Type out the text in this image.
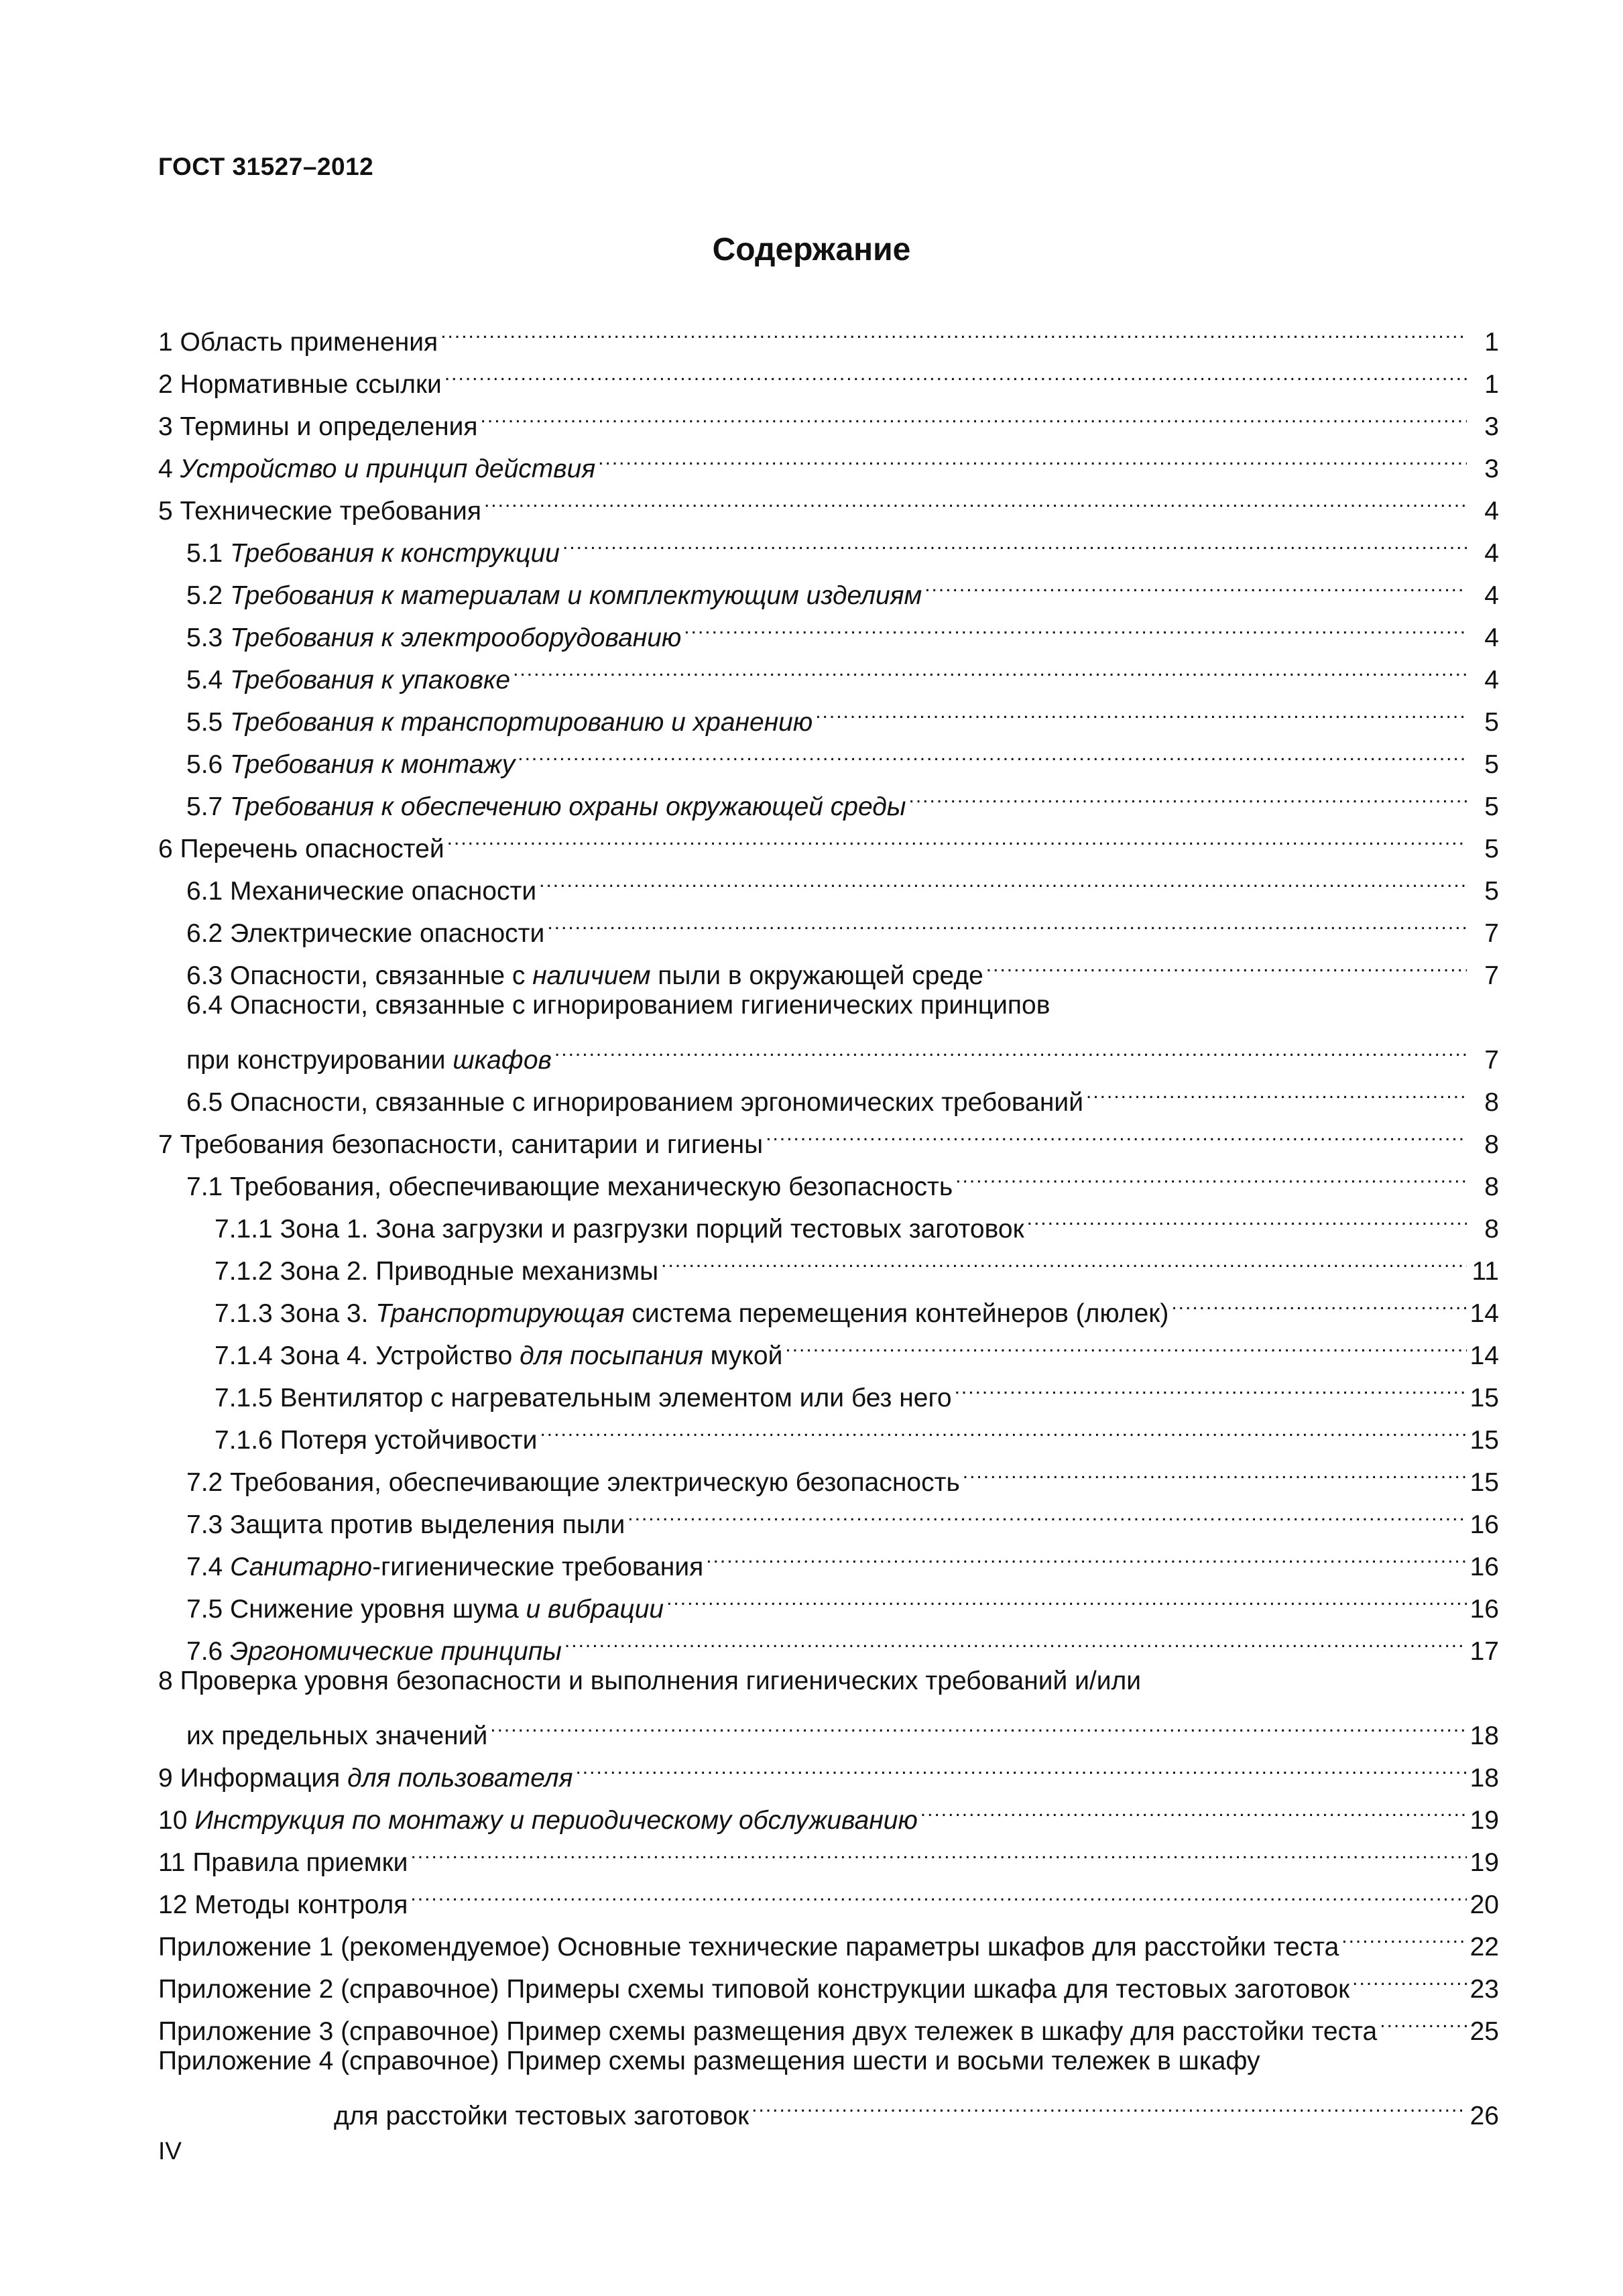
ГОСТ 31527–2012
Содержание
1 Область применения .....	1
2 Нормативные ссылки .....	1
3 Термины и определения .....	3
4 Устройство и принцип действия .....	3
5 Технические требования .....	4
5.1 Требования к конструкции .....	4
5.2 Требования к материалам и комплектующим изделиям .....	4
5.3 Требования к электрооборудованию .....	4
5.4 Требования к упаковке .....	4
5.5 Требования к транспортированию и хранению .....	5
5.6 Требования к монтажу .....	5
5.7 Требования к обеспечению охраны окружающей среды .....	5
6 Перечень опасностей .....	5
6.1 Механические опасности .....	5
6.2 Электрические опасности .....	7
6.3 Опасности, связанные с наличием пыли в окружающей среде .....	7
6.4 Опасности, связанные с игнорированием гигиенических принципов
при конструировании шкафов .....	7
6.5 Опасности, связанные с игнорированием эргономических требований .....	8
7 Требования безопасности, санитарии и гигиены .....	8
7.1 Требования, обеспечивающие механическую безопасность .....	8
7.1.1 Зона 1. Зона загрузки и разгрузки порций тестовых заготовок .....	8
7.1.2 Зона 2. Приводные механизмы .....	11
7.1.3 Зона 3. Транспортирующая система перемещения контейнеров (люлек) .....	14
7.1.4 Зона 4. Устройство для посыпания мукой .....	14
7.1.5 Вентилятор с нагревательным элементом или без него .....	15
7.1.6 Потеря устойчивости .....	15
7.2 Требования, обеспечивающие электрическую безопасность .....	15
7.3 Защита против выделения пыли .....	16
7.4 Санитарно-гигиенические требования .....	16
7.5 Снижение уровня шума и вибрации .....	16
7.6 Эргономические принципы .....	17
8 Проверка уровня безопасности и выполнения гигиенических требований и/или
их предельных значений .....	18
9 Информация для пользователя .....	18
10 Инструкция по монтажу и периодическому обслуживанию .....	19
11 Правила приемки .....	19
12 Методы контроля .....	20
Приложение 1 (рекомендуемое) Основные технические параметры шкафов для расстойки теста .....	22
Приложение 2 (справочное) Примеры схемы типовой конструкции шкафа для тестовых заготовок .....	23
Приложение 3 (справочное) Пример схемы размещения двух тележек в шкафу для расстойки теста .....	25
Приложение 4 (справочное) Пример схемы размещения шести и восьми тележек в шкафу
для расстойки тестовых заготовок .....	26
IV
